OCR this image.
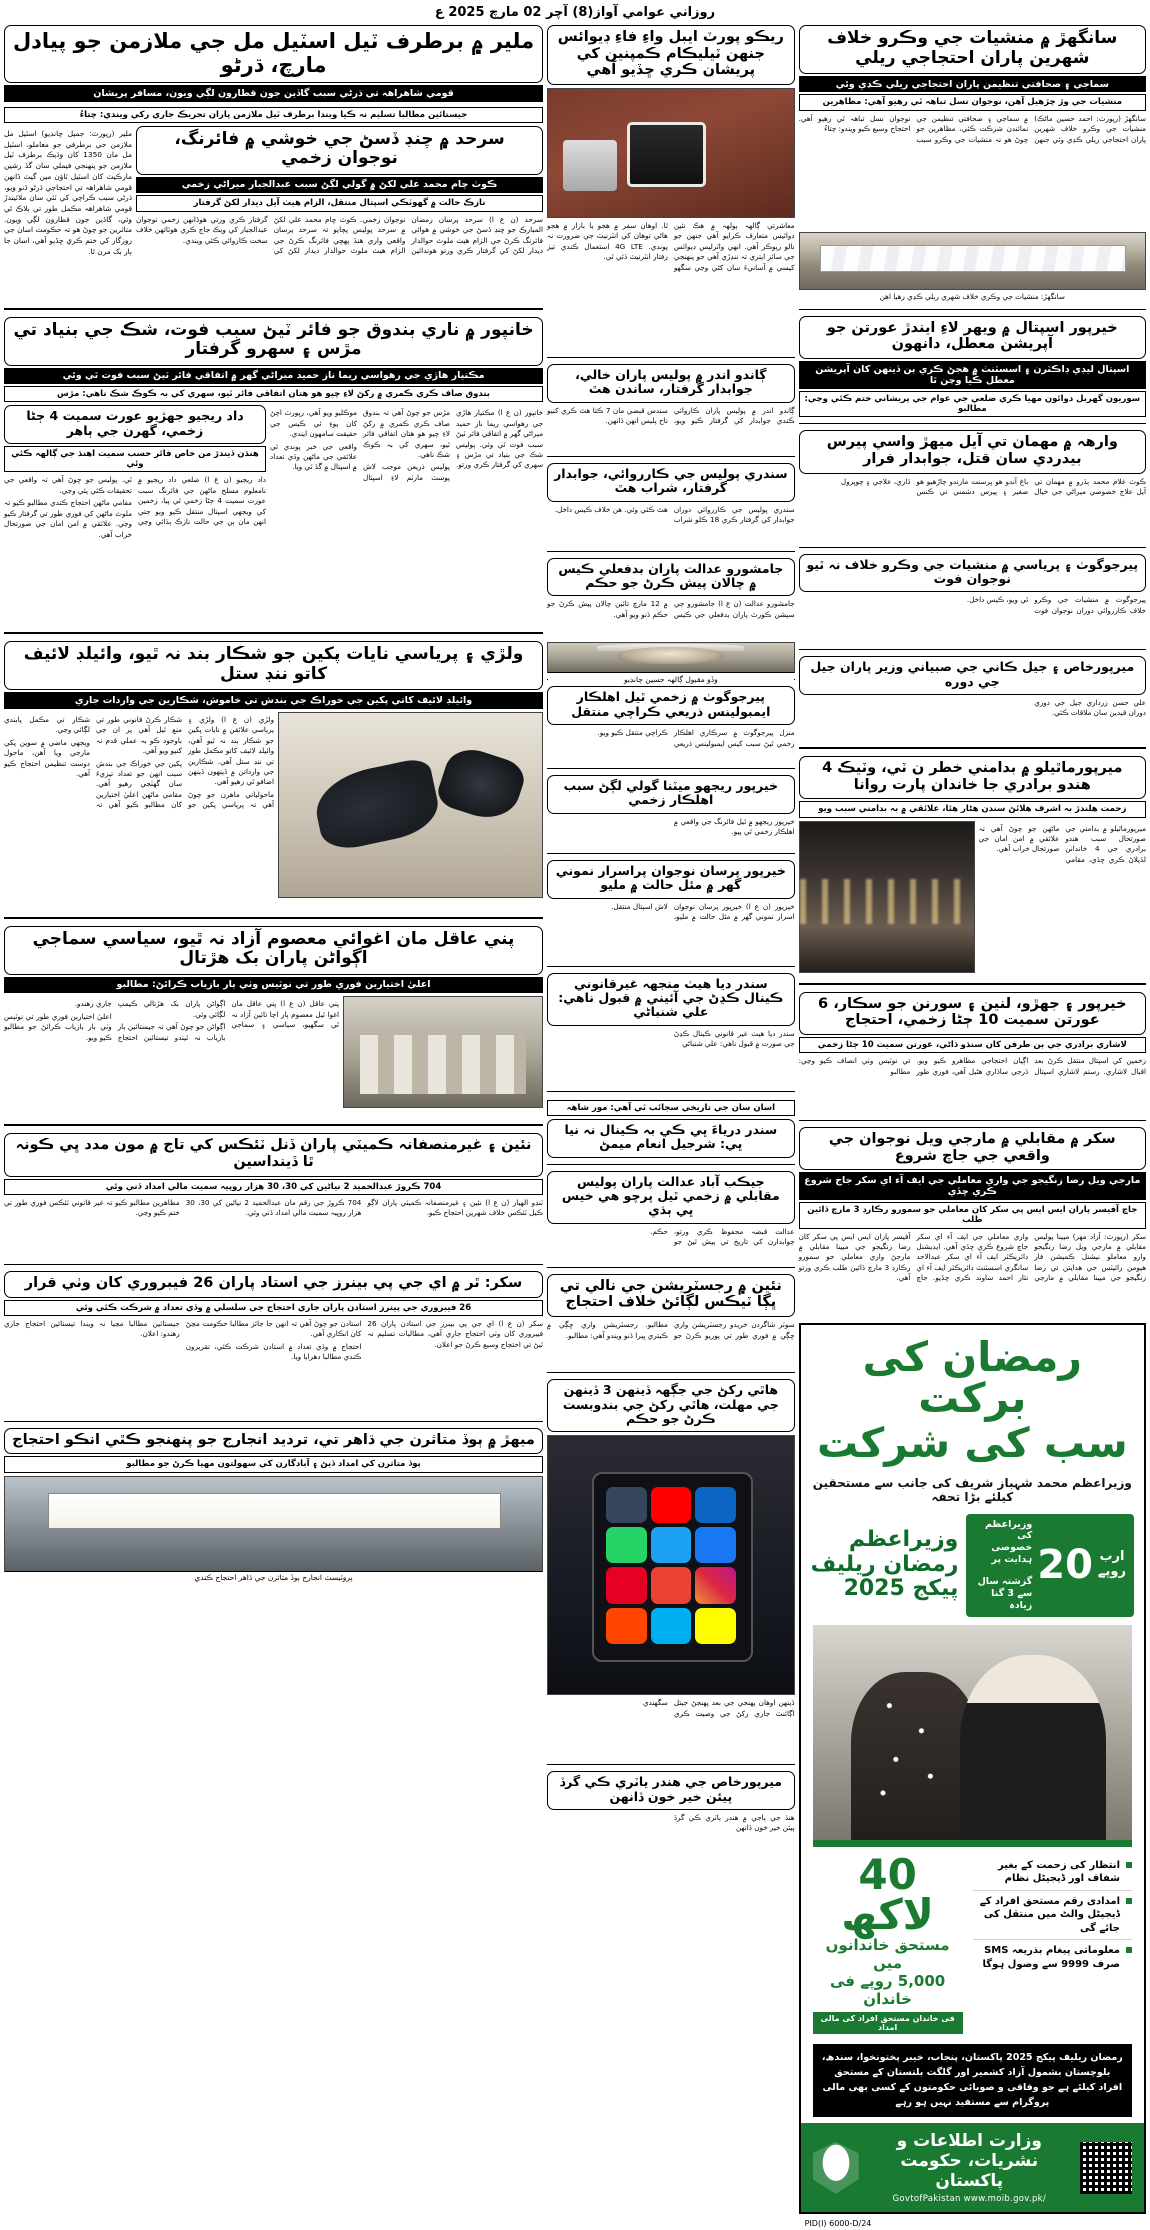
روزاني عوامي آواز(8) آچر 02 مارچ 2025 ع
ملير ۾ برطرف ٽيل اسٽيل مل جي ملازمن جو پيادل مارچ، ڌرڻو
قومي شاهراهہ تي ڌرڻي سبب گاڏين جون قطارون لڳي ويون، مسافر پريشان
جيستائين مطالبا تسليم نہ ڪيا ويندا برطرف ٽيل ملازمن پاران تحريڪ جاري رکي ويندي: چتاءُ
ملير (رپورٽ: جميل چانڊيو) اسٽيل مل ملازمن جي برطرفي جو معاملو، اسٽيل مل مان 1350 کان وڌيڪ برطرف ٽيل ملازمن جو پنهنجي فيملي سان گڏ رشين مارڪيٽ کان اسٽيل ٽاؤن مين گيٽ ڏانهن قومي شاهراهہ تي احتجاجي ڌرڻو ڏنو ويو، ڌرڻي سبب ڪراچي کي ٽئي سان ملائيندڙ قومي شاهراهہ مڪمل طور تي بلاڪ ٿي وئي، گاڏين جون قطارون لڳي ويون. متاثرين جو چوڻ هو تہ حڪومت اسان جي روزگار کي ختم ڪري ڇڏيو آهي، اسان جا ٻار بک مرن ٿا.
سرحد ۾ چنڊ ڏسڻ جي خوشي ۾ فائرنگ، نوجوان زخمي
ڪوٽ چام محمد علي لکڻ ۾ گولي لڳڻ سبب عبدالجبار ميراڻي زخمي
نازڪ حالت ۾ گھوٽڪي اسپتال منتقل، الزام هيٺ آيل ديدار لکڻ گرفتار
سرحد (ن ع ا) سرحد پرسان رمضان المبارڪ جو چنڊ ڏسڻ جي خوشي ۾ هوائي فائرنگ ڪرڻ جي الزام هيٺ ملوث حوالدار ديدار لکڻ کي گرفتار ڪري ورتو هوندائين نوجوان زخمي. ڪوٽ چام محمد علي لکڻ ۾ سرحد پوليس پڄايو تہ سرحد پرسان واقعي واري هنڌ پهچي فائرنگ ڪرڻ جي الزام هيٺ ملوث حوالدار ديدار لکڻ کي گرفتار ڪري ورتي هوڏانهن زخمي نوجوان عبدالجبار کي ويڪ جاج ڪري ھوٽائھن خلاف سخت ڪاروائي ڪئي ويندي.
خانپور ۾ ناري بندوق جو فائر ٽيڻ سبب فوت، شڪ جي بنياد تي مڙس ۽ سهرو گرفتار
مڪتيار ھاڙي جي رھواسي ريما ناز حميد ميراڻي گھر ۾ اتفاقي فائر ٽيڻ سبب فوت ٿي وئي
بندوق صاف ڪري ڪمري ۾ رکڻ لاءِ چيو ھو ھتان اتفاقي فائر ٿيو، سھري کي بہ ڪوڪ شڪ ناهي: مڙس
داد ريجيو جھڙيو عورت سميت 4 ڄڻا زخمي، گھرن جي ٻاهر
هنڌن ڏيندڙ من خاص فائر حسب سميت اهنڌ جي ڳالهہ ڪئي وئي

داد ريجيو (ن ع ا) ضلعي داد ريجيو ۾ نامعلوم مسلح ماڻهن جي فائرنگ سبب عورت سميت 4 ڄڻا زخمي ٿي پيا، زخمين کي ويجهي اسپتال منتقل ڪيو ويو جتي انهن مان ٻن جي حالت نازڪ ٻڌائي وڃي ٿي. پوليس جو چوڻ آهي تہ واقعي جي تحقيقات ڪئي پئي وڃي.

مقامي ماڻهن احتجاج ڪندي مطالبو ڪيو تہ ملوث ماڻهن کي فوري طور تي گرفتار ڪيو وڃي. علائقي ۾ امن امان جي صورتحال خراب آهي.

خانپور (ن ع ا) مڪتيار ھاڙي جي رھواسي ريما ناز حميد ميراڻي گھر ۾ اتفاقي فائر ٽيڻ سبب فوت ٿي وئي. پوليس شڪ جي بنياد تي مڙس ۽ سهري کي گرفتار ڪري ورتو.

مڙس جو چوڻ آهي تہ بندوق صاف ڪري ڪمري ۾ رکڻ لاءِ چيو ھو ھتان اتفاقي فائر ٿيو، سھري کي بہ ڪوڪ شڪ ناهي.

پوليس ذريعن موجب لاش پوسٽ مارٽم لاءِ اسپتال موڪليو ويو آهي، رپورٽ اچڻ کان پوءِ ئي ڪيس جي حقيقت سامهون ايندي.

واقعي جي خبر پوندي ئي علائقي جي ماڻهن وڏي تعداد ۾ اسپتال ۾ گڏ ٿي ويا.

ولڙي ۽ پرياسي نايات پکين جو شڪار بند نہ ٿيو، وائيلڊ لائيف کاتو ننڊ ستل
وائيلڊ لائيف کاتي پکين جي خوراڪ جي بندش تي خاموش، شڪارين جي واردات جاري

ولڙي (ن ع ا) ولڙي ۽ پرياسي علائقن ۾ نايات پکين جو شڪار بند نہ ٿيو آهي، وائيلڊ لائيف کاتو مڪمل طور تي ننڊ ستل آهي. شڪارين جي وارداتن ۾ ڏينهون ڏينهن اضافو ٿي رهيو آهي.

ماحولياتي ماهرن جو چوڻ آهي تہ پرياسي پکين جو شڪار ڪرڻ قانوني طور تي منع ٿيل آهي پر ان جي باوجود ڪو بہ عملي قدم نہ کنيو ويو آهي.

پکين جي خوراڪ جي بندش سبب انهن جو تعداد تيزيءَ سان گھٽجي رهيو آهي. مقامي ماڻهن اعليٰ اختيارين کان مطالبو ڪيو آهي تہ شڪار تي مڪمل پابندي لڳائي وڃي.

ويجهي ماضي ۾ سوين پکي مارجي ويا آهن، ماحول دوست تنظيمن احتجاج ڪيو آهي.

پني عاقل مان اغوائي معصوم آزاد نہ ٿيو، سياسي سماجي اڳواڻن پاران بک هڙتال
اعليٰ اختيارين فوري طور تي نوٽيس وٺي ٻار بازياب ڪرائڻ: مطالبو

پني عاقل (ن ع ا) پني عاقل مان اغوا ٿيل معصوم ٻار اڃا تائين آزاد نہ ٿي سگھيو، سياسي ۽ سماجي اڳواڻن پاران بک هڙتالي ڪيمپ لڳائي وئي.

اڳواڻن جو چوڻ آهي تہ جيستائين ٻار بازياب نہ ٿيندو تيستائين احتجاج جاري رهندو.

اعليٰ اختيارين فوري طور تي نوٽيس وٺي ٻار بازياب ڪرائڻ جو مطالبو ڪيو ويو.

نئين ۽ غيرمنصفانہ ڪميٽي پاران ڏنل ٽئڪس کي تاج ۾ مون مدد ڀي ڪونہ ٿا ڏينداسين
704 ڪروڙ عبدالحميد 2 نياڻين کي 30، 30 هزار روپيہ سميت مالي امداد ڏني وئي

ٽنڊو الھيار (ن ع ا) نئين ۽ غيرمنصفانہ ڪميٽي پاران لاڳو ڪيل ٽئڪس خلاف شهرين احتجاج ڪيو.

704 ڪروڙ جي رقم مان عبدالحميد 2 نياڻين کي 30، 30 هزار روپيہ سميت مالي امداد ڏني وئي.

مظاهرين مطالبو ڪيو تہ غير قانوني ٽئڪس فوري طور تي ختم ڪيو وڃي.

سکر: ٿر ۾ اي جي پي بينرز جي استاد پاران 26 فيبروري کان وٺي قرار
26 فيبروري جي پينرز استادن پاران جاري احتجاج جي سلسلي ۾ وڏي تعداد ۾ شرڪت ڪئي وئي

سکر (ن ع ا) اي جي پي بينرز جي استادن پاران 26 فيبروري کان وٺي احتجاج جاري آهي، مطالبات تسليم نہ ٿيڻ تي احتجاج وسيع ڪرڻ جو اعلان.

استادن جو چوڻ آهي تہ انهن جا جائز مطالبا حڪومت مڃڻ کان انڪاري آهي.

احتجاج ۾ وڏي تعداد ۾ استادن شرڪت ڪئي، تقريرون ڪندي مطالبا دهرايا ويا.

جيستائين مطالبا مڃيا نہ ويندا تيستائين احتجاج جاري رهندو: اعلان.

ميھڙ ۾ ٻوڏ متاثرن جي ڌاهر تي، ترديد انجارج جو پنهنجو ڪٿي انڪو احتجاج
ٻوڏ متاثرن کي امداد ڏيڻ ۽ آبادگارن کي سهولتون مهيا ڪرڻ جو مطالبو
پروٽيسٽ انجارج ٻوڏ متاثرن جي ڌاهر احتجاج ڪندي
ريڪو پورٽ ايبل واءِ فاءِ ڊيوائس جنهن ٽيليڪام ڪمپنين کي پريشان ڪري ڇڏيو آهي
معاشرتي ڳالهہ ٻولهہ ۾ هڪ نئين ڊوائيس متعارف ڪرايو آهي جنهن جو نالو ريوڪر آهي. انهي واٽرليس ڊيوائس جي سائز ايتري تہ ننڍڙي آهي جو پنهنجي کيسي ۾ آسانيءَ سان کڻي وڃي سگھو ٿا. اوهان سفر ۾ هجو يا بازار ۾ هجو ھاڻي توهان کي انٽرنيٽ جي ضرورت نہ پوندي. 4G LTE استعمال ڪندي تيز رفتار انٽرنيٽ ڏئي ٿي.
ڳاندو اندر ۾ پوليس پاران خالي، جوابدار گرفتار، ساندن هٿ
ڳاندو اندر ۾ پوليس پاران ڪاروائي ڪندي جوابدار کي گرفتار ڪيو ويو، سندس قبضي مان 7 ڪتا هٿ ڪري کنيو ناح پليس انهن ڏانهن.
سندري پوليس جي ڪارروائي، جوابدار گرفتار، شراب هٿ
سندري پوليس جي ڪارروائي دوران جوابدار کي گرفتار ڪري 18 ڪلو شراب هٿ ڪئي وئي. ھن خلاف ڪيس داخل.
جامشورو عدالت پاران بدفعلي ڪيس ۾ چالان پيش ڪرڻ جو حڪم
جامشورو عدالت (ن ع ا) جامشورو جي سيشن ڪورٽ پاران بدفعلي جي ڪيس ۾ 12 مارچ تائين چالان پيش ڪرڻ جو حڪم ڏنو ويو آهي.
وڏو مقبول ڳالهہ حسين چانڊيو
پيرجوگوٺ ۾ زخمي ٿيل اهلڪار ايمبولينس ذريعي ڪراچي منتقل
منزل پيرجوگوٺ ۾ سرڪاري اهلڪار زخمي ٿيڻ سبب کيس ايمبولينس ذريعي ڪراچي منتقل ڪيو ويو.
خيرپور ريجھو ميٽنا گولي لڳڻ سبب اهلڪار زخمي
خيرپور ريجھو ۾ ٿيل فائرنگ جي واقعي ۾ اهلڪار زخمي ٿي پيو.
خيرپور پرسان نوجوان پراسرار نموني گھر ۾ مئل حالت ۾ مليو
خيرپور (ن ع ا) خيرپور پرسان نوجوان اسرار نموني گھر ۾ مئل حالت ۾ مليو، لاش اسپتال منتقل.
سندر ديا ھيٺ منجھہ غيرقانوني ڪينال ڪڍڻ جي آئيني ۾ قبول ناهي: علي شنباڻي
سندر ديا ھيٺ غير قانوني ڪينال ڪڍڻ جي صورت ۾ قبول ناهي: علي شنباڻي
اسان سان جي تاريخي سجائب ٿي آهي: مور شاهہ
سندر درياءَ ڀي ڪي بہ ڪينال نہ نيا ڀي: شرجيل انعام ميمڻ
جيڪب آباد عدالت پاران پوليس مقابلي ۾ زخمي ٿيل پرچو ھي خيس ڀي ٻڌي
عدالت قبضہ محفوظ ڪري ورتو، جوابدارن کي تاريخ تي پيش ٿيڻ جو حڪم.
نئين ۾ رجسٽريشن جي نالي تي ڀڳا ٽيڪس لڳائڻ خلاف احتجاج
سوٽر شاگردن خريدو رجسٽريشن واري ڇڳي ۾ فوري طور تي پوريو ڪرڻ جو مطالبو. رجسٽريشن واري ڇڳي ۾ ڪيتري ڀيرا ڏنو ويندو آهي: مطالبو.
هاٿي رکڻ جي جڳهہ ڏينهن 3 ڏينهن جي مهلت، هاٿي رکڻ جي بندوبست ڪرڻ جو حڪم
ڏينهن اوهان پهنجي جي بعد پهنجڻ جيتل اڳائنٽ جاري رکڻ جي وصيت ڪري سگھندي
ميرپورخاص جي هندر ياٽري ڪي گرڏ پيئن خير خون ڏانهن
هنڌ جي ٻاجي ۾ هندر ياٽري ڪي گرڏ پيئن خير خون ڏانهن
سانگھڙ ۾ منشيات جي وڪرو خلاف شهرين پاران احتجاجي ريلي
سماجي ۽ صحافتي تنظيمن پاران احتجاجي ريلي ڪڍي وئي
منشيات جي وڙ چڙهيل آهن، نوجوان نسل تباهہ ٿي رهيو آهي: مظاهرين
سانگھڙ (رپورٽ: احمد حسين ماڻڪ) منشيات جي وڪرو خلاف شهرين پاران احتجاجي ريلي ڪڍي وئي جنهن ۾ سماجي ۽ صحافتي تنظيمن جي نمائندن شرڪت ڪئي، مظاهرين جو چوڻ هو تہ منشيات جي وڪرو سبب نوجوان نسل تباهہ ٿي رهيو آهي. احتجاج وسيع ڪيو ويندو: چتاءُ
سانگھڙ: منشيات جي وڪري خلاف شهري ريلي ڪڍي رهيا اهن
خيرپور اسپتال ۾ ويهر لاءِ ايندڙ عورتن جو آپريشن معطل، دانهون
اسپتال ليڊي ڊاڪٽرن ۽ اسسٽنٽ ۾ هجڻ ڪري ٻن ڏينهن کان آپريشن معطل ڪيا وڃن ٿا
سوريون گھربل دوائون مهيا ڪري ضلعي جي عوام جي پريشاني ختم ڪئي وڃي: مطالبو
وارهہ ۾ مهمان تي آيل ميهڙ واسي پيرس بيدردي سان قتل، جوابدار فرار
ڪوٽ غلام محمد ٻڌرو ۾ مهمان تي آيل علاج خصوصي ميراڻي جي خيال باغ آندو هو پرسنت مارندو چاڙهيو هو صغير ۽ پيرس دشمني تي ڪنس ڌاري، علاجي ۽ چوپرول
پيرجوگوٺ ۽ پرياسي ۾ منشيات جي وڪرو خلاف نہ ٿيو نوجوان فوت
پيرجوگوٺ ۾ منشيات جي وڪرو خلاف ڪارروائي دوران نوجوان فوت ٿي ويو، ڪيس داخل.
ميرپورخاص ۽ جيل ڪاني جي صبياني وزير پاران جيل جي دوره
علي حسن زرداري جيل جي دوري دوران قيدين سان ملاقات ڪئي.
ميرپورماٿيلو ۾ بدامني خطر ن ٽي، وٽيڪ 4 هندو برادري جا خاندان پارت روانا
زحمت هلندڙ بہ اشرف هلائڻ سندن هڻار هئا، علائقي ۾ بہ بدامني سبب ويو
ميرپورماٿيلو ۾ بدامني جي صورتحال سبب هندو برادري جي 4 خاندانن لڏپلاڻ ڪري ڇڏي، مقامي ماڻهن جو چوڻ آهي تہ علائقي ۾ امن امان جي صورتحال خراب آهي.
خيرپور ۽ جھڙو، لنين ۽ سورنن جو سڪار، 6 عورتن سميت 10 ڄڻا زخمي، احتجاج
لاشاري برادري جي ٻن طرفن کان سنڌو ڌاڻي، عورتن سميت 10 ڄڻا زخمي
زخمين کي اسپتال منتقل ڪرڻ بعد اقبال لاشاري. رستم لاشاري اسپتال اڳيان احتجاجي مظاهرو ڪيو ويو. ڌرجي ساڌاري هڻيل آهي، فوري طور تي نوٽيس وٺي انصاف ڪيو وڃي: مطالبو
سکر ۾ مقابلي ۾ مارجي ويل نوجوان جي واقعي جي جاچ شروع
مارجي ويل رضا زنگيجو جي واري معاملي جي ايف آء اي سکر جاج شروع ڪري ڇڏي
جاچ آفيسر پاران ايس ايس پي سکر کان معاملي جو سمورو رڪارڊ 3 مارچ ڏائين طلب
سکر (رپورٽ: آزاد مهر) ميينا پوليس مقابلي ۾ مارجي ويل رضا زنگيجو وارو معاملو نيشنل ڪميشن فار هيومن رائيٽس جي هدايتن تي رضا زنگيجو جي ميينا مقابلي ۾ مارجي واري معاملي جي ايف آء اي سکر جاچ شروع ڪري ڇڏي آهي. ايڊيشنل ڊائريڪٽر ايف آء اي سکر عبدالاحد سانگري اسسٽنٽ ڊائريڪٽر ايف آء اي نثار احمد ساوند ڪري ڇڏيو. جاچ آفيسر پاران ايس ايس پي سکر کان رضا زنگيجو جي ميينا مقابلي ۾ مارجڻ واري معاملي جو سمورو رڪارڊ 3 مارچ ڏائين طلب ڪري ورتو آهي.
رمضان کی برکت
سب کی شرکت
وزیراعظم محمد شہباز شریف کی جانب سے مستحقین کیلئے بڑا تحفہ
وزیراعظم
رمضان ریلیف
پیکج 2025
وزیراعظم کی خصوصی ہدایت پر
گزشتہ سال سے 3 گنا زیادہ
20 ارب
روپے
40 لاکھ
مستحق خاندانوں میں
5,000 روپے فی خاندان
فی خاندان مستحق افراد کی مالی امداد
انتظار کی زحمت کے بغیر شفاف اور ڈیجیٹل نظام
امدادی رقم مستحق افراد کے ڈیجیٹل والٹ میں منتقل کی جائے گی
معلوماتی پیغام بذریعہ SMS صرف 9999 سے وصول ہوگا
رمضان ریلیف پیکج 2025 پاکستان، پنجاب، خیبر پختونخوا، سندھ، بلوچستان بشمول آزاد کشمیر اور گلگت بلتستان کے مستحق افراد کیلئے ہے جو وفاقی و صوبائی حکومتوں کے کسی بھی مالی پروگرام سے مستفید نہیں ہو رہے
وزارت اطلاعات و نشریات، حکومت پاکستان
/GovtofPakistan www.moib.gov.pk
PID(I) 6000-D/24
